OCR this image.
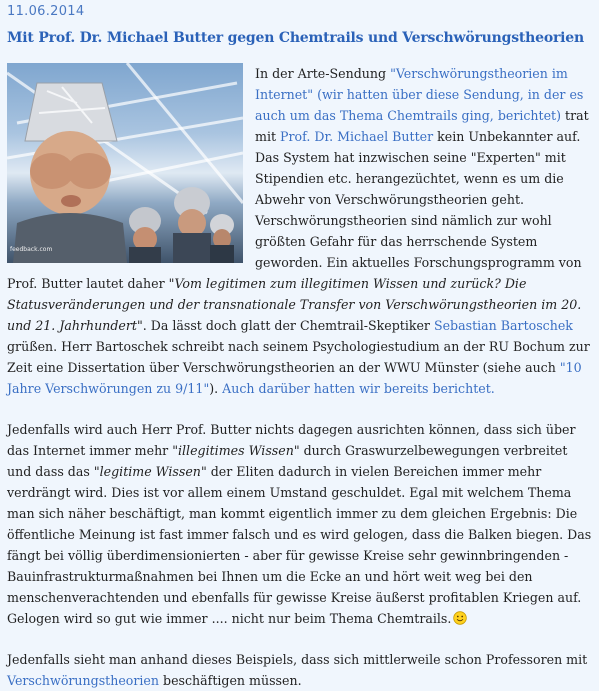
11.06.2014
Mit Prof. Dr. Michael Butter gegen Chemtrails und Verschwörungstheorien
feedback.com

In der Arte-Sendung "Verschwörungstheorien im Internet" (wir hatten über diese Sendung, in der es auch um das Thema Chemtrails ging, berichtet) trat mit Prof. Dr. Michael Butter kein Unbekannter auf. Das System hat inzwischen seine "Experten" mit Stipendien etc. herangezüchtet, wenn es um die Abwehr von Verschwörungstheorien geht. Verschwörungstheorien sind nämlich zur wohl größten Gefahr für das herrschende System geworden. Ein aktuelles Forschungsprogramm von Prof. Butter lautet daher "Vom legitimen zum illegitimen Wissen und zurück? Die Statusveränderungen und der transnationale Transfer von Verschwörungstheorien im 20. und 21. Jahrhundert". Da lässt doch glatt der Chemtrail-Skeptiker Sebastian Bartoschek grüßen. Herr Bartoschek schreibt nach seinem Psychologiestudium an der RU Bochum zur Zeit eine Dissertation über Verschwörungstheorien an der WWU Münster (siehe auch "10 Jahre Verschwörungen zu 9/11"). Auch darüber hatten wir bereits berichtet.

Jedenfalls wird auch Herr Prof. Butter nichts dagegen ausrichten können, dass sich über das Internet immer mehr "illegitimes Wissen" durch Graswurzelbewegungen verbreitet und dass das "legitime Wissen" der Eliten dadurch in vielen Bereichen immer mehr verdrängt wird. Dies ist vor allem einem Umstand geschuldet. Egal mit welchem Thema man sich näher beschäftigt, man kommt eigentlich immer zu dem gleichen Ergebnis: Die öffentliche Meinung ist fast immer falsch und es wird gelogen, dass die Balken biegen. Das fängt bei völlig überdimensionierten - aber für gewisse Kreise sehr gewinnbringenden - Bauinfrastrukturmaßnahmen bei Ihnen um die Ecke an und hört weit weg bei den menschenverachtenden und ebenfalls für gewisse Kreise äußerst profitablen Kriegen auf. Gelogen wird so gut wie immer .... nicht nur beim Thema Chemtrails.

Jedenfalls sieht man anhand dieses Beispiels, dass sich mittlerweile schon Professoren mit Verschwörungstheorien beschäftigen müssen.
